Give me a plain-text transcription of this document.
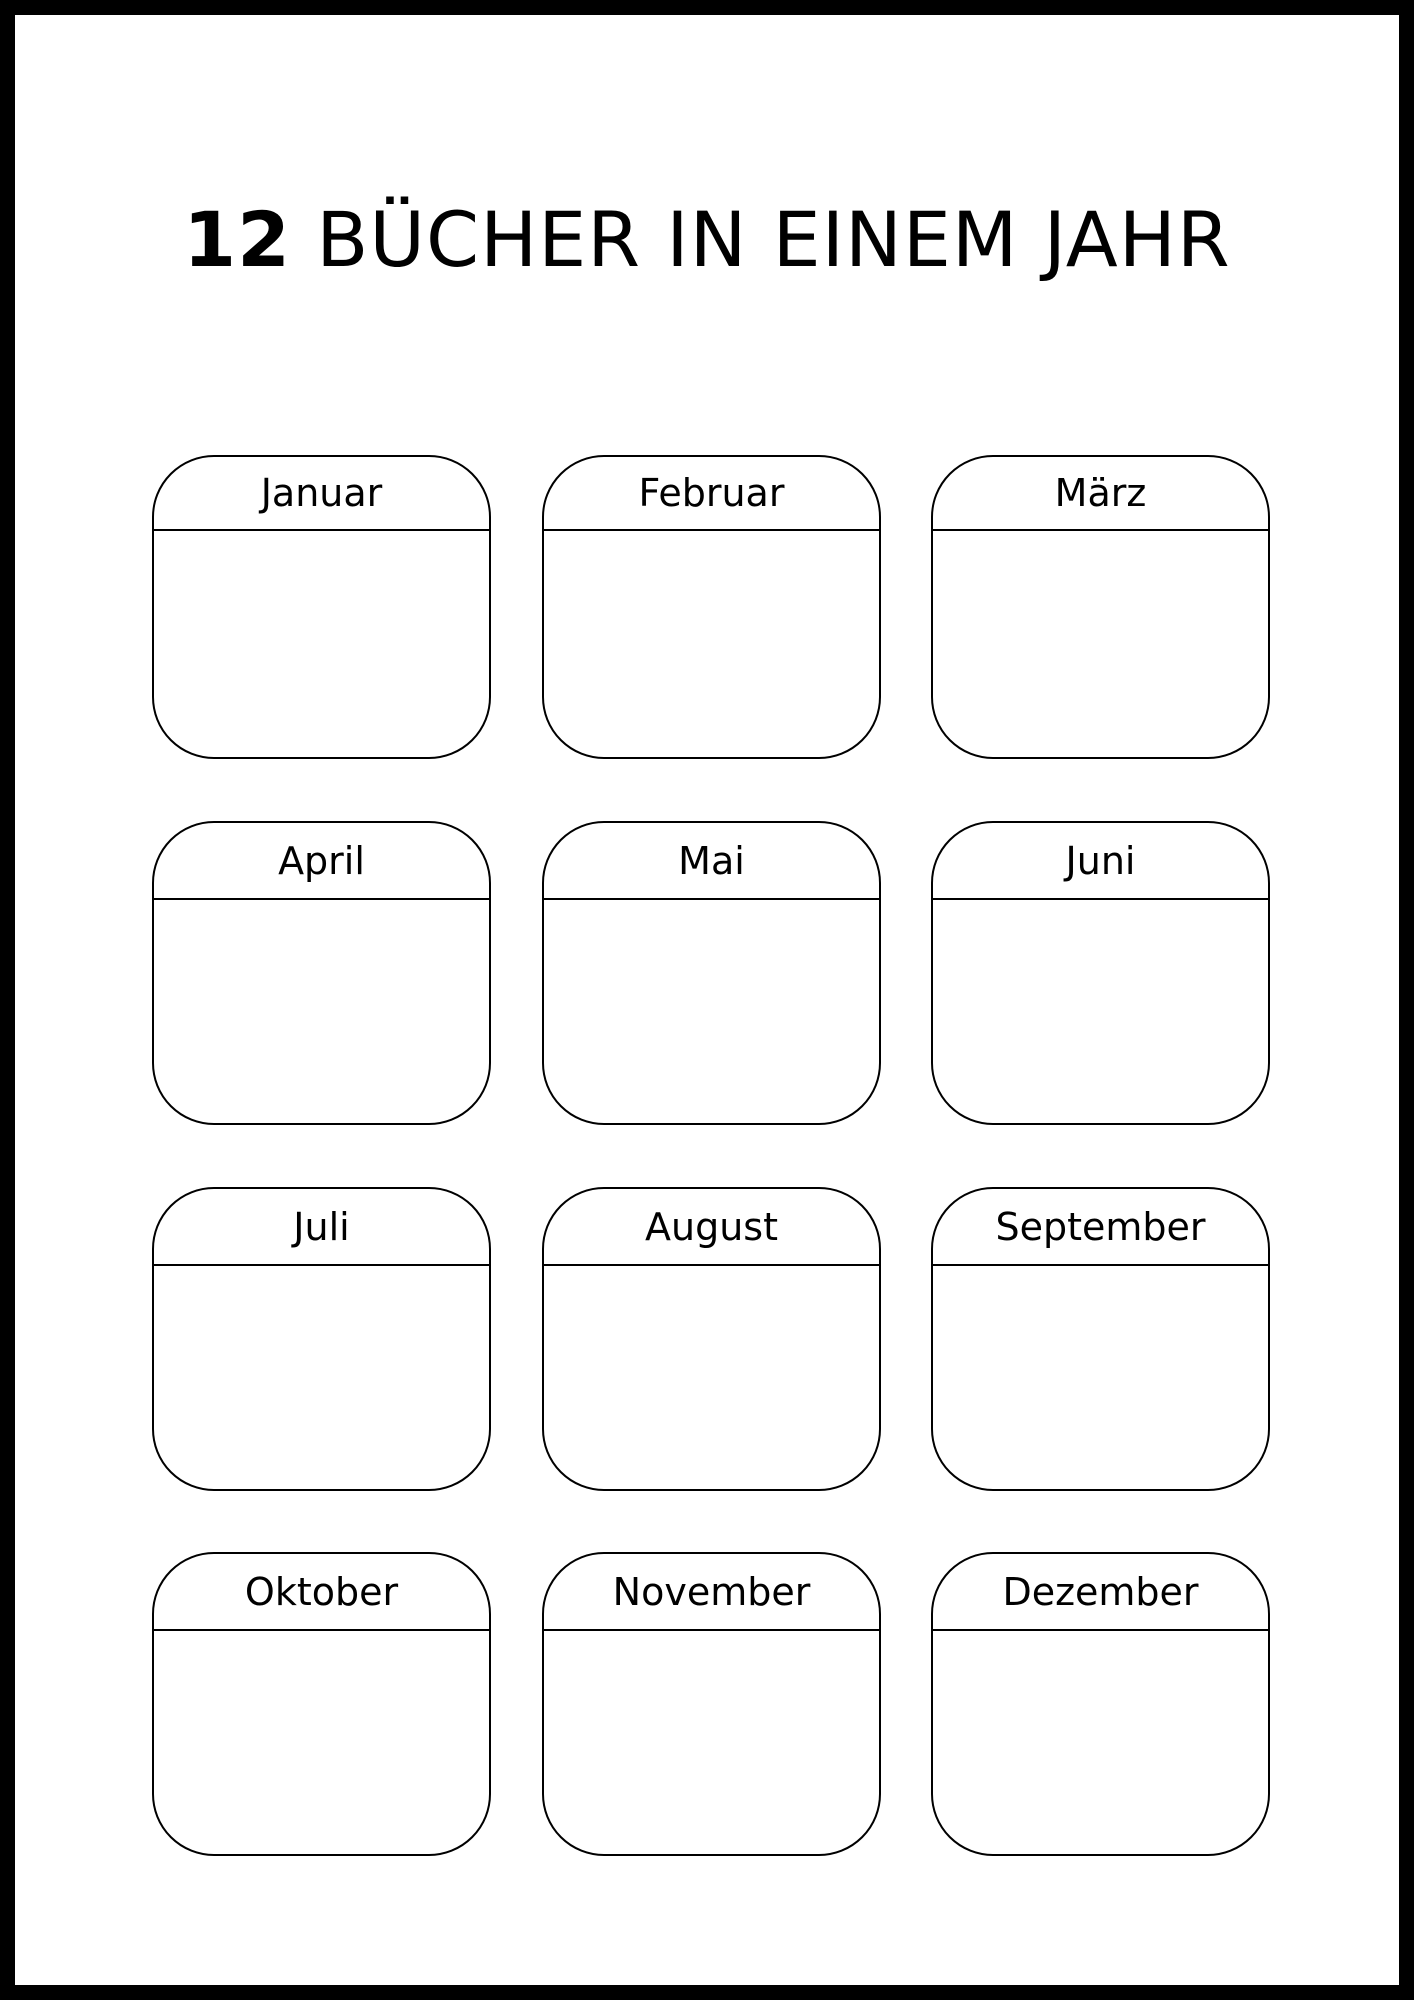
12 BÜCHER IN EINEM JAHR
Januar	Februar	März
April	Mai	Juni
Juli	August	September
Oktober	November	Dezember
